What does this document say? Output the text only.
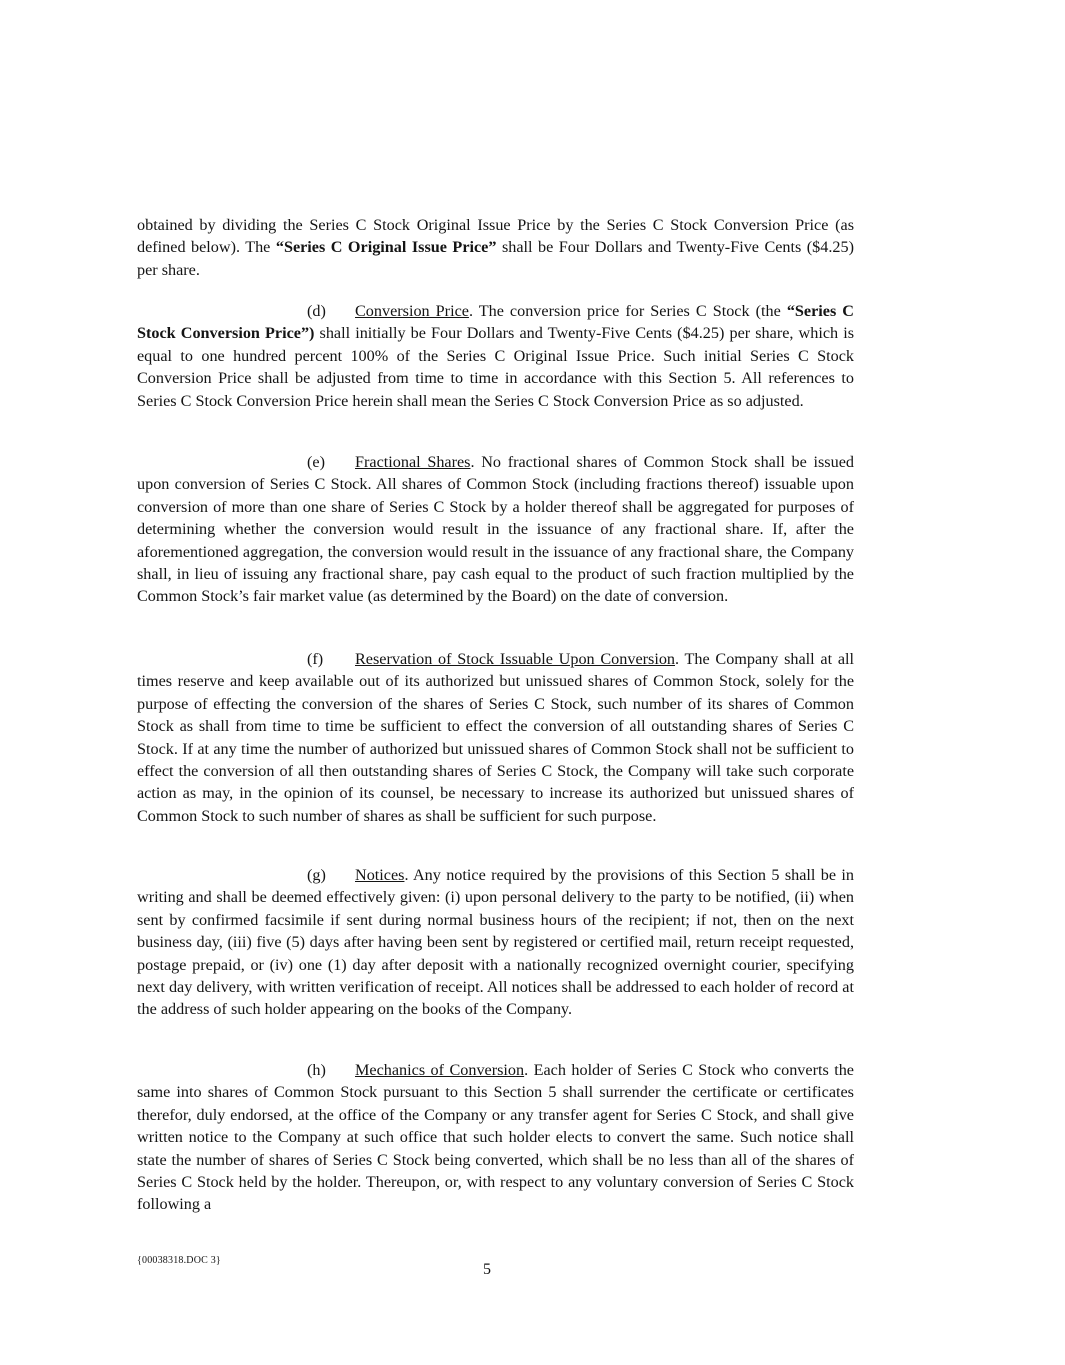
obtained by dividing the Series C Stock Original Issue Price by the Series C Stock Conversion Price (as defined below). The “Series C Original Issue Price” shall be Four Dollars and Twenty-Five Cents ($4.25) per share.

(d) Conversion Price. The conversion price for Series C Stock (the “Series C Stock Conversion Price”) shall initially be Four Dollars and Twenty-Five Cents ($4.25) per share, which is equal to one hundred percent 100% of the Series C Original Issue Price. Such initial Series C Stock Conversion Price shall be adjusted from time to time in accordance with this Section 5. All references to Series C Stock Conversion Price herein shall mean the Series C Stock Conversion Price as so adjusted.

(e) Fractional Shares. No fractional shares of Common Stock shall be issued upon conversion of Series C Stock. All shares of Common Stock (including fractions thereof) issuable upon conversion of more than one share of Series C Stock by a holder thereof shall be aggregated for purposes of determining whether the conversion would result in the issuance of any fractional share. If, after the aforementioned aggregation, the conversion would result in the issuance of any fractional share, the Company shall, in lieu of issuing any fractional share, pay cash equal to the product of such fraction multiplied by the Common Stock’s fair market value (as determined by the Board) on the date of conversion.

(f) Reservation of Stock Issuable Upon Conversion. The Company shall at all times reserve and keep available out of its authorized but unissued shares of Common Stock, solely for the purpose of effecting the conversion of the shares of Series C Stock, such number of its shares of Common Stock as shall from time to time be sufficient to effect the conversion of all outstanding shares of Series C Stock. If at any time the number of authorized but unissued shares of Common Stock shall not be sufficient to effect the conversion of all then outstanding shares of Series C Stock, the Company will take such corporate action as may, in the opinion of its counsel, be necessary to increase its authorized but unissued shares of Common Stock to such number of shares as shall be sufficient for such purpose.

(g) Notices. Any notice required by the provisions of this Section 5 shall be in writing and shall be deemed effectively given: (i) upon personal delivery to the party to be notified, (ii) when sent by confirmed facsimile if sent during normal business hours of the recipient; if not, then on the next business day, (iii) five (5) days after having been sent by registered or certified mail, return receipt requested, postage prepaid, or (iv) one (1) day after deposit with a nationally recognized overnight courier, specifying next day delivery, with written verification of receipt. All notices shall be addressed to each holder of record at the address of such holder appearing on the books of the Company.

(h) Mechanics of Conversion. Each holder of Series C Stock who converts the same into shares of Common Stock pursuant to this Section 5 shall surrender the certificate or certificates therefor, duly endorsed, at the office of the Company or any transfer agent for Series C Stock, and shall give written notice to the Company at such office that such holder elects to convert the same. Such notice shall state the number of shares of Series C Stock being converted, which shall be no less than all of the shares of Series C Stock held by the holder. Thereupon, or, with respect to any voluntary conversion of Series C Stock following a

{00038318.DOC 3}
5
